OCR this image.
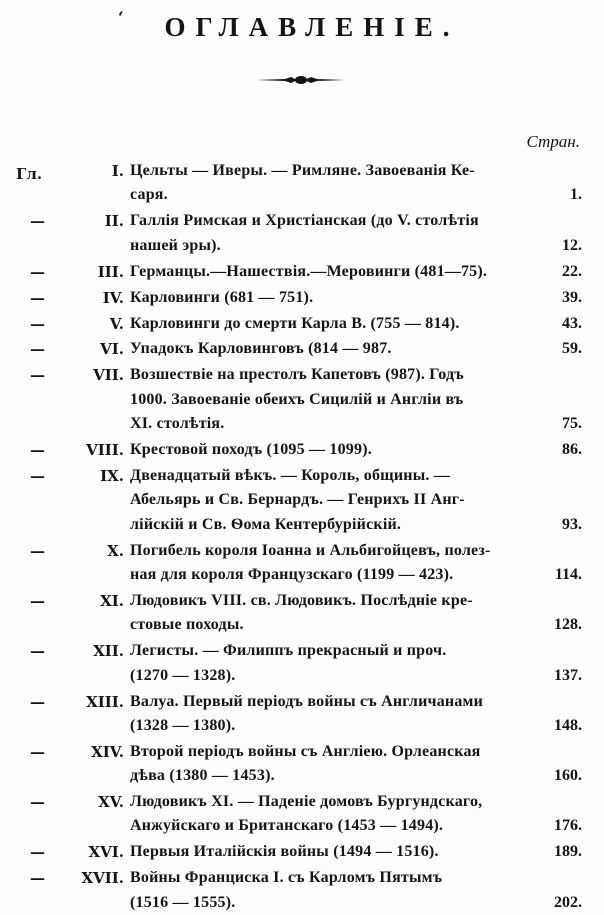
‘	ОГЛАВЛЕНІЕ.
Стран.
Гл.	I. Цельты — Иверы. — Римляне. Завоеванія Ке-
саря.	1.
—	II. Галлія Римская и Христіанская (до V. столѣтія
нашей эры).	12.
—	III. Германцы.—Нашествія.—Меровинги (481—75).	22.
—	IV. Карловинги (681 — 751).	39.
—	V. Карловинги до смерти Карла В. (755 — 814).	43.
—	VI. Упадокъ Карловинговъ (814 — 987.	59.
—	VII. Возшествіе на престолъ Капетовъ (987). Годъ
1000. Завоеваніе обеихъ Сицилій и Англіи въ
XI. столѣтія.	75.
—	VIII. Крестовой походъ (1095 — 1099).	86.
—	IX. Двенадцатый вѣкъ. — Король, общины. —
Абельярь и Св. Бернардъ. — Генрихъ II Анг-
лійскій и Св. Ѳома Кентербурійскій.	93.
—	X. Погибель короля Іоанна и Альбигойцевъ, полез-
ная для короля Французскаго (1199 — 423).	114.
—	XI. Людовикъ VIII. св. Людовикъ. Послѣдніе кре-
стовые походы.	128.
—	XII. Легисты. — Филиппъ прекрасный и проч.
(1270 — 1328).	137.
—	XIII. Валуа. Первый періодъ войны съ Англичанами
(1328 — 1380).	148.
—	XIV. Второй періодъ войны съ Англіею. Орлеанская
дѣва (1380 — 1453).	160.
—	XV. Людовикъ XI. — Паденіе домовъ Бургундскаго,
Анжуйскаго и Британскаго (1453 — 1494).	176.
—	XVI. Первыя Италійскія войны (1494 — 1516).	189.
—	XVII. Войны Франциска I. съ Карломъ Пятымъ
(1516 — 1555).	202.
